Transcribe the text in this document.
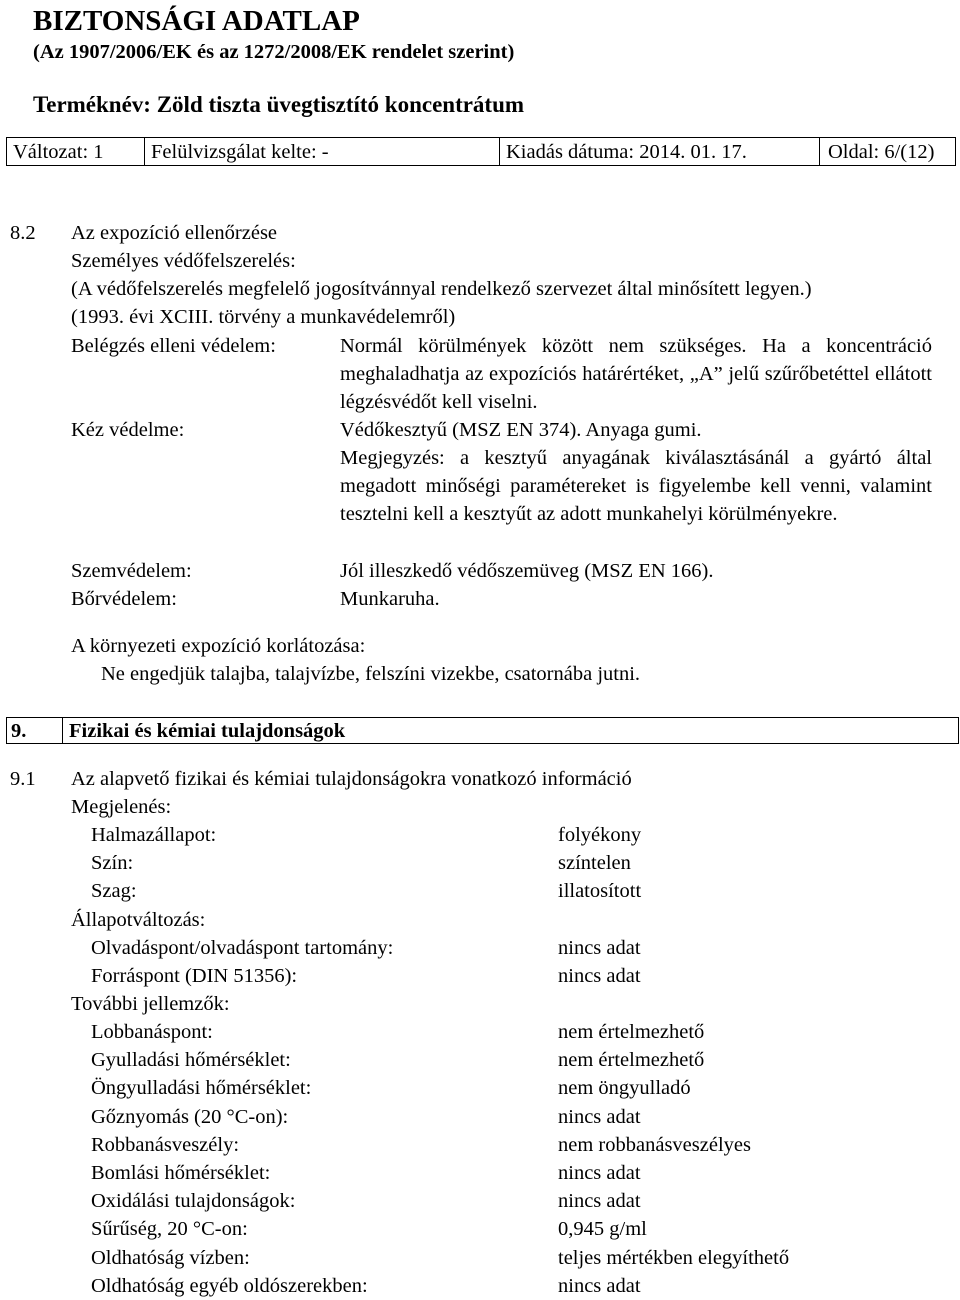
BIZTONSÁGI ADATLAP
(Az 1907/2006/EK és az 1272/2008/EK rendelet szerint)
Terméknév: Zöld tiszta üvegtisztító koncentrátum
Változat: 1	Felülvizsgálat kelte: -	Kiadás dátuma: 2014. 01. 17.	Oldal: 6/(12)
8.2 Az expozíció ellenőrzése
Személyes védőfelszerelés:
(A védőfelszerelés megfelelő jogosítvánnyal rendelkező szervezet által minősített legyen.)
(1993. évi XCIII. törvény a munkavédelemről)
Belégzés elleni védelem:	Normál körülmények között nem szükséges. Ha a koncentráció meghaladhatja az expozíciós határértéket, „A” jelű szűrőbetéttel ellátott légzésvédőt kell viselni.
Kéz védelme:	Védőkesztyű (MSZ EN 374). Anyaga gumi.
Megjegyzés: a kesztyű anyagának kiválasztásánál a gyártó által megadott minőségi paramétereket is figyelembe kell venni, valamint tesztelni kell a kesztyűt az adott munkahelyi körülményekre.
Szemvédelem:	Jól illeszkedő védőszemüveg (MSZ EN 166).
Bőrvédelem:	Munkaruha.
A környezeti expozíció korlátozása:
Ne engedjük talajba, talajvízbe, felszíni vizekbe, csatornába jutni.
9.	Fizikai és kémiai tulajdonságok
9.1 Az alapvető fizikai és kémiai tulajdonságokra vonatkozó információ
Megjelenés:
Halmazállapot:	folyékony
Szín:	színtelen
Szag:	illatosított
Állapotváltozás:
Olvadáspont/olvadáspont tartomány:	nincs adat
Forráspont (DIN 51356):	nincs adat
További jellemzők:
Lobbanáspont:	nem értelmezhető
Gyulladási hőmérséklet:	nem értelmezhető
Öngyulladási hőmérséklet:	nem öngyulladó
Gőznyomás (20 °C-on):	nincs adat
Robbanásveszély:	nem robbanásveszélyes
Bomlási hőmérséklet:	nincs adat
Oxidálási tulajdonságok:	nincs adat
Sűrűség, 20 °C-on:	0,945 g/ml
Oldhatóság vízben:	teljes mértékben elegyíthető
Oldhatóság egyéb oldószerekben:	nincs adat
